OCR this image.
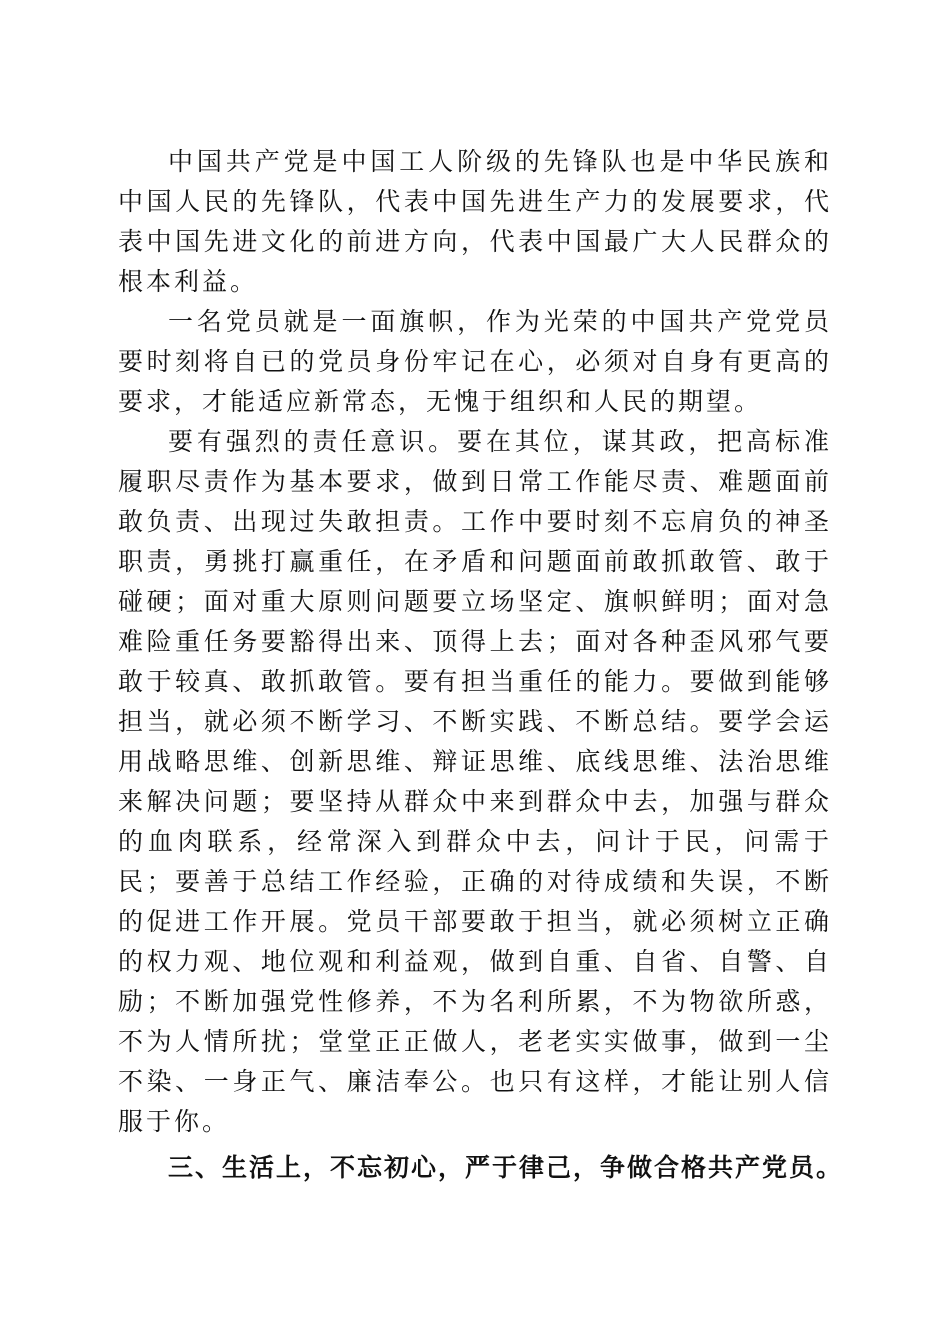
中国共产党是中国工人阶级的先锋队也是中华民族和中国人民的先锋队，代表中国先进生产力的发展要求，代表中国先进文化的前进方向，代表中国最广大人民群众的根本利益。

一名党员就是一面旗帜，作为光荣的中国共产党党员要时刻将自已的党员身份牢记在心，必须对自身有更高的要求，才能适应新常态，无愧于组织和人民的期望。

要有强烈的责任意识。要在其位，谋其政，把高标准履职尽责作为基本要求，做到日常工作能尽责、难题面前敢负责、出现过失敢担责。工作中要时刻不忘肩负的神圣职责，勇挑打赢重任，在矛盾和问题面前敢抓敢管、敢于碰硬；面对重大原则问题要立场坚定、旗帜鲜明；面对急难险重任务要豁得出来、顶得上去；面对各种歪风邪气要敢于较真、敢抓敢管。要有担当重任的能力。要做到能够担当，就必须不断学习、不断实践、不断总结。要学会运用战略思维、创新思维、辩证思维、底线思维、法治思维来解决问题；要坚持从群众中来到群众中去，加强与群众的血肉联系，经常深入到群众中去，问计于民，问需于民；要善于总结工作经验，正确的对待成绩和失误，不断的促进工作开展。党员干部要敢于担当，就必须树立正确的权力观、地位观和利益观，做到自重、自省、自警、自励；不断加强党性修养，不为名利所累，不为物欲所惑，不为人情所扰；堂堂正正做人，老老实实做事，做到一尘不染、一身正气、廉洁奉公。也只有这样，才能让别人信服于你。

三、生活上，不忘初心，严于律己，争做合格共产党员。
